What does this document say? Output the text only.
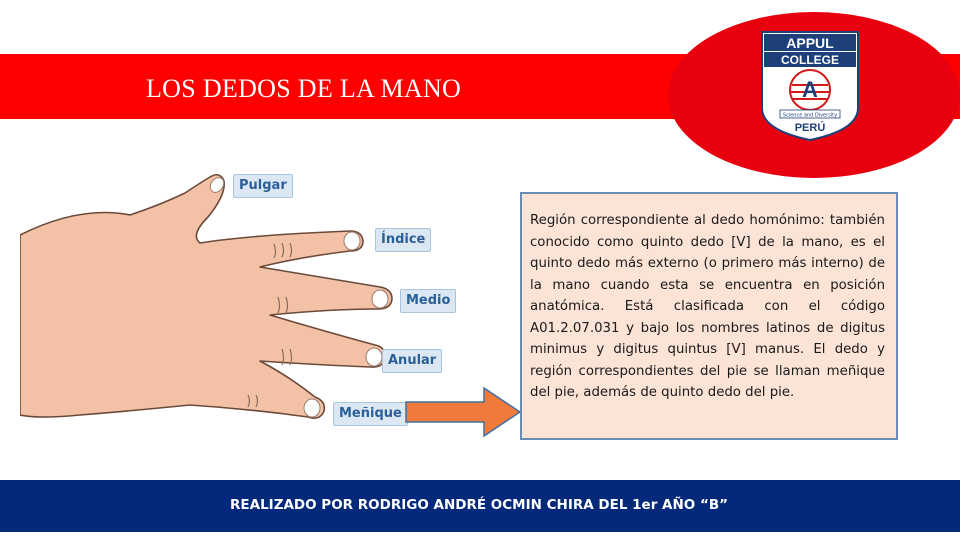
LOS DEDOS DE LA MANO
APPUL
COLLEGE
A
Science and Diversity
PERÚ
Pulgar
Índice
Medio
Anular
Meñique

Región correspondiente al dedo homónimo: también conocido como quinto dedo [V] de la mano, es el quinto dedo más externo (o primero más interno) de la mano cuando esta se encuentra en posición anatómica. Está clasificada con el código A01.2.07.031 y bajo los nombres latinos de digitus minimus y digitus quintus [V] manus. El dedo y región correspondientes del pie se llaman meñique del pie, además de quinto dedo del pie.

REALIZADO POR RODRIGO ANDRÉ OCMIN CHIRA DEL 1er AÑO “B”
